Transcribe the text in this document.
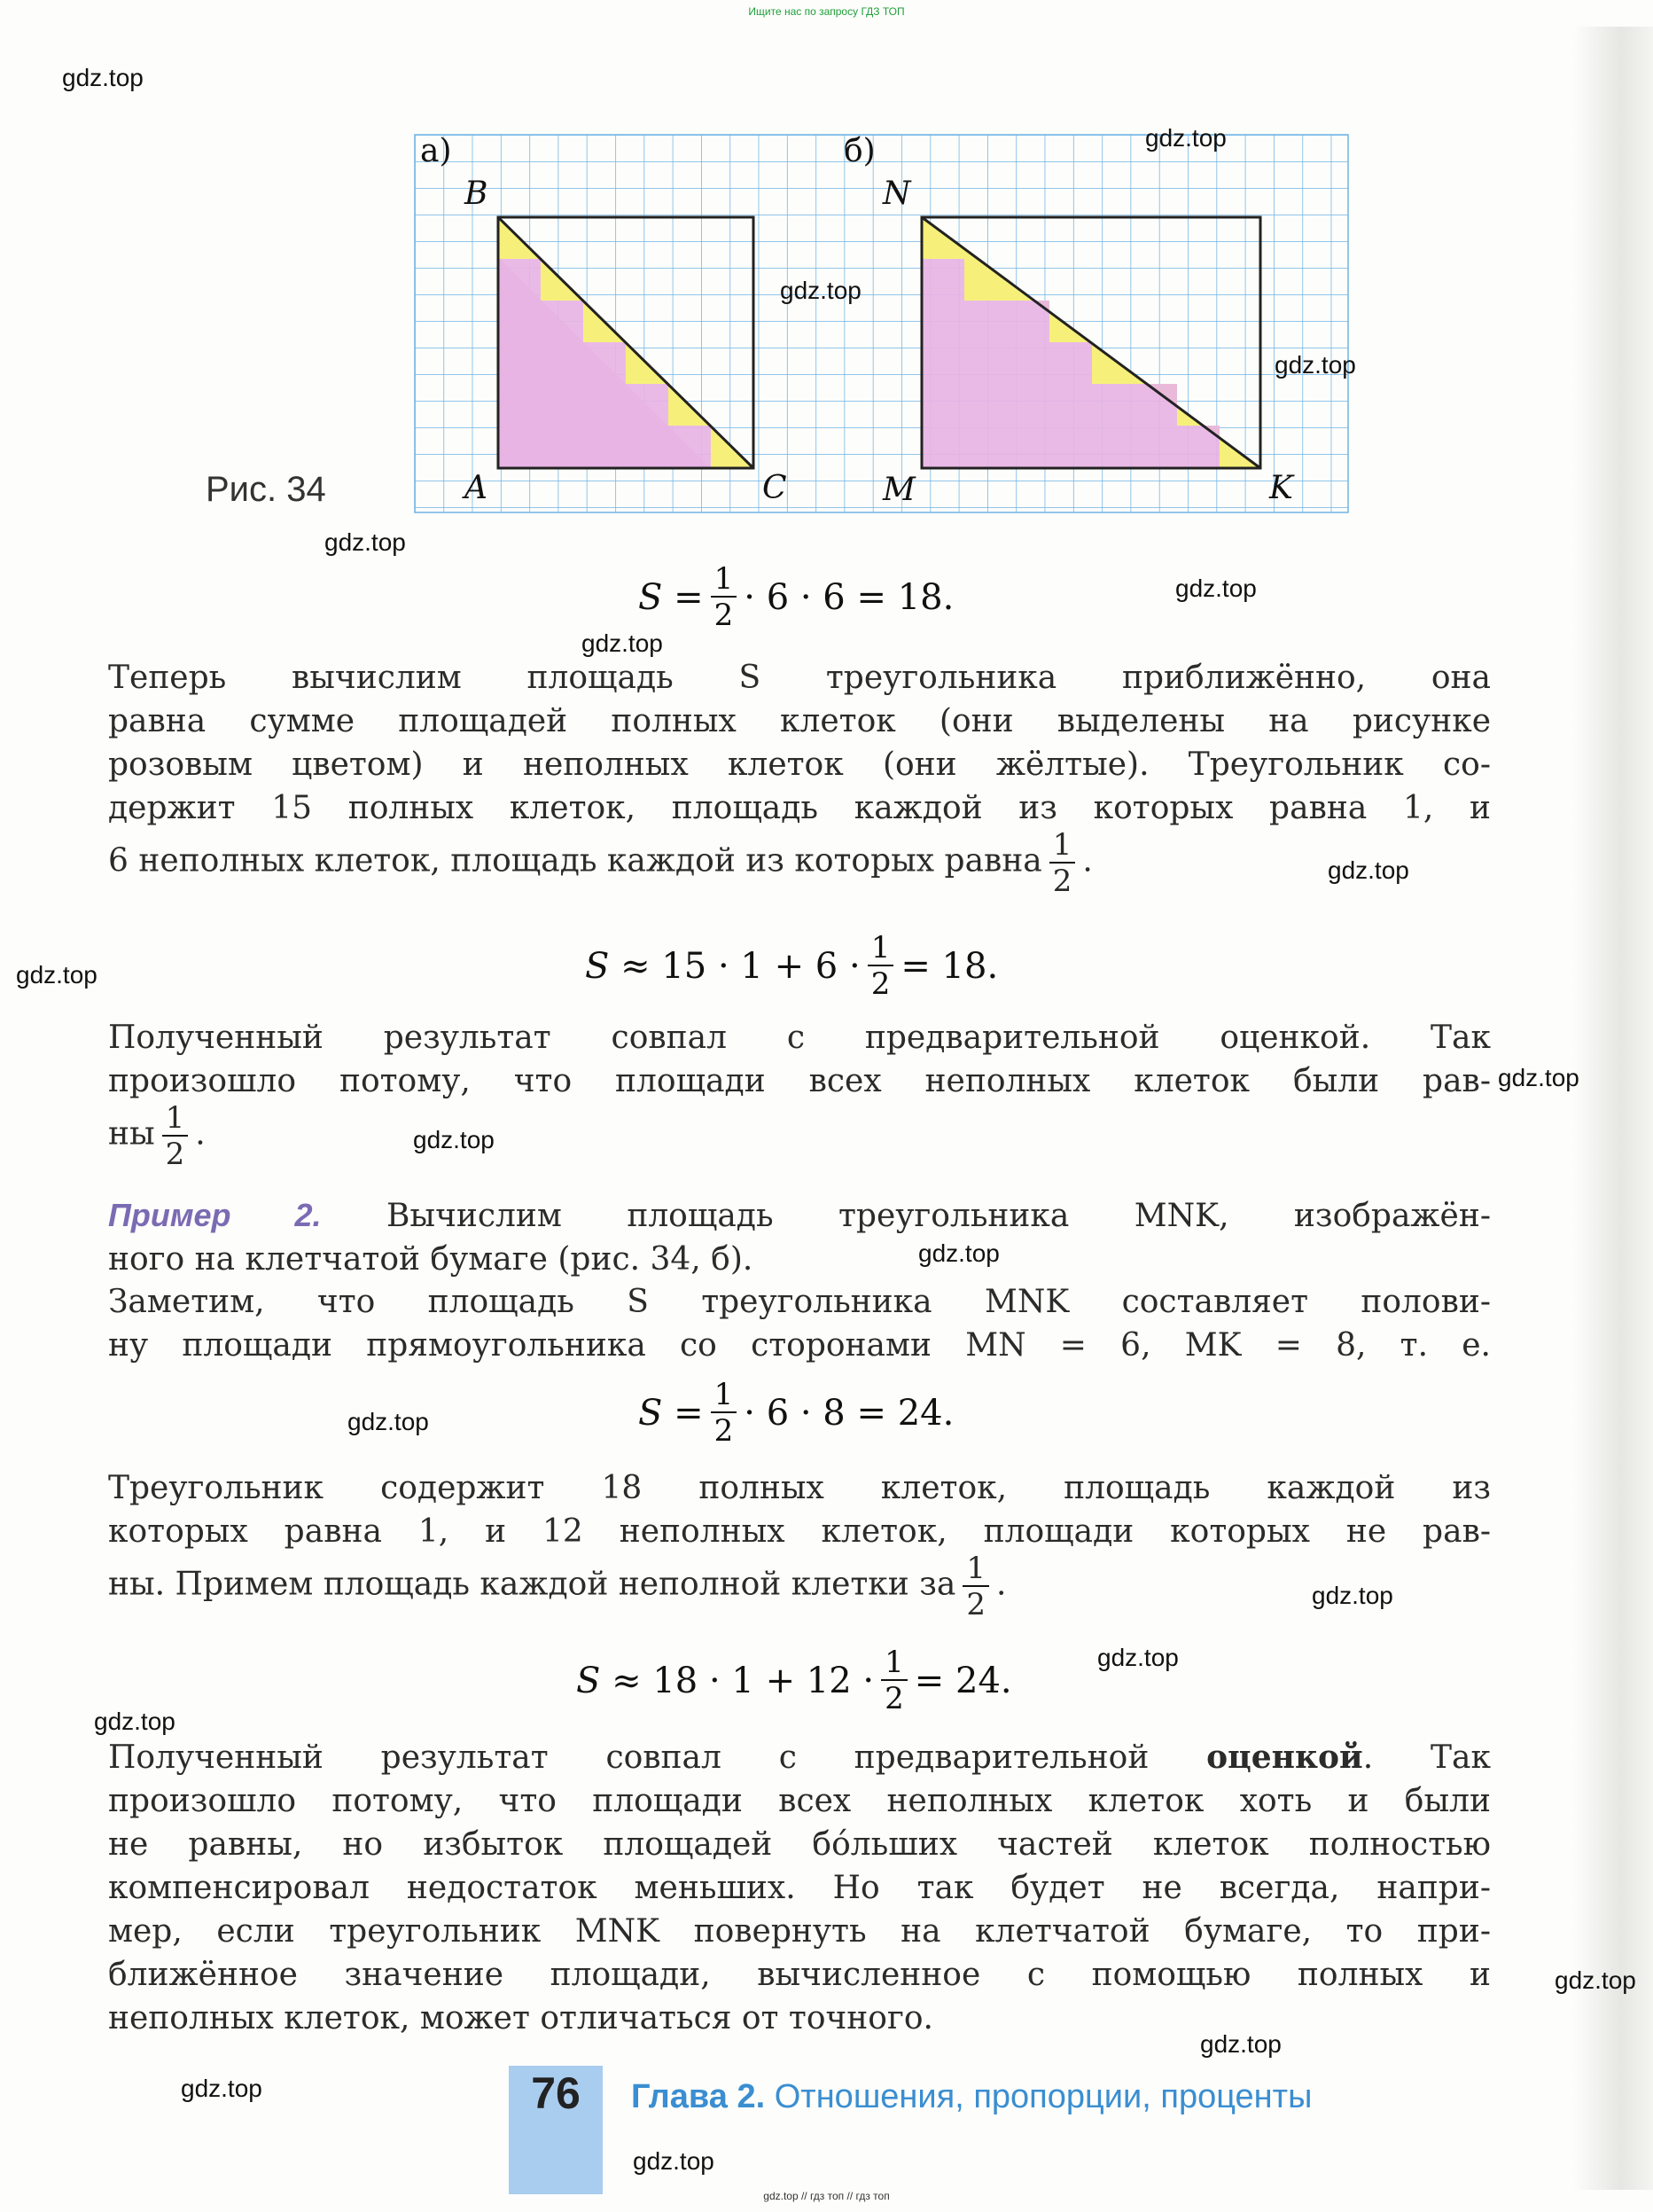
Ищите нас по запросу ГДЗ ТОП
а)	б)
B
A	C
N
M	K
Рис. 34
S
= $\frac{1}{2} \cdot 6 \cdot 6 = 18$.
Теперь вычислим площадь S треугольника приближённо, она
равна сумме площадей полных клеток (они выделены на рисунке
розовым цветом) и неполных клеток (они жёлтые). Треугольник со-
держит 15 полных клеток, площадь каждой из которых равна 1, и
6 неполных клеток, площадь каждой из которых равна $\frac{1}{2}$ .
S
≈
$15 \cdot 1 + 6 \cdot \frac{1}{2} = 18$.
Полученный результат совпал с предварительной оценкой. Так
произошло потому, что площади всех неполных клеток были рав-
ны $\frac{1}{2}$ .
Пример 2. Вычислим площадь треугольника MNK, изображён-
ного на клетчатой бумаге (рис. 34, б).
Заметим, что площадь S треугольника MNK составляет полови-
ну площади прямоугольника со сторонами MN = 6, MK = 8, т. е.
S
= $\frac{1}{2} \cdot 6 \cdot 8 = 24$.
Треугольник содержит 18 полных клеток, площадь каждой из
которых равна 1, и 12 неполных клеток, площади которых не рав-
ны. Примем площадь каждой неполной клетки за $\frac{1}{2}$ .
S
≈
$18 \cdot 1 + 12 \cdot \frac{1}{2} = 24$.
Полученный результат совпал с предварительной оценкой. Так
произошло потому, что площади всех неполных клеток хоть и были
не равны, но избыток площадей бóльших частей клеток полностью
компенсировал недостаток меньших. Но так будет не всегда, напри-
мер, если треугольник MNK повернуть на клетчатой бумаге, то при-
ближённое значение площади, вычисленное с помощью полных и
неполных клеток, может отличаться от точного.
76	Глава 2. Отношения, пропорции, проценты
gdz.top
gdz.top
gdz.top
gdz.top
gdz.top
gdz.top
gdz.top
gdz.top
gdz.top
gdz.top
gdz.top
gdz.top
gdz.top
gdz.top
gdz.top
gdz.top
gdz.top
gdz.top
gdz.top
gdz.top
gdz.top // гдз топ // гдз топ
